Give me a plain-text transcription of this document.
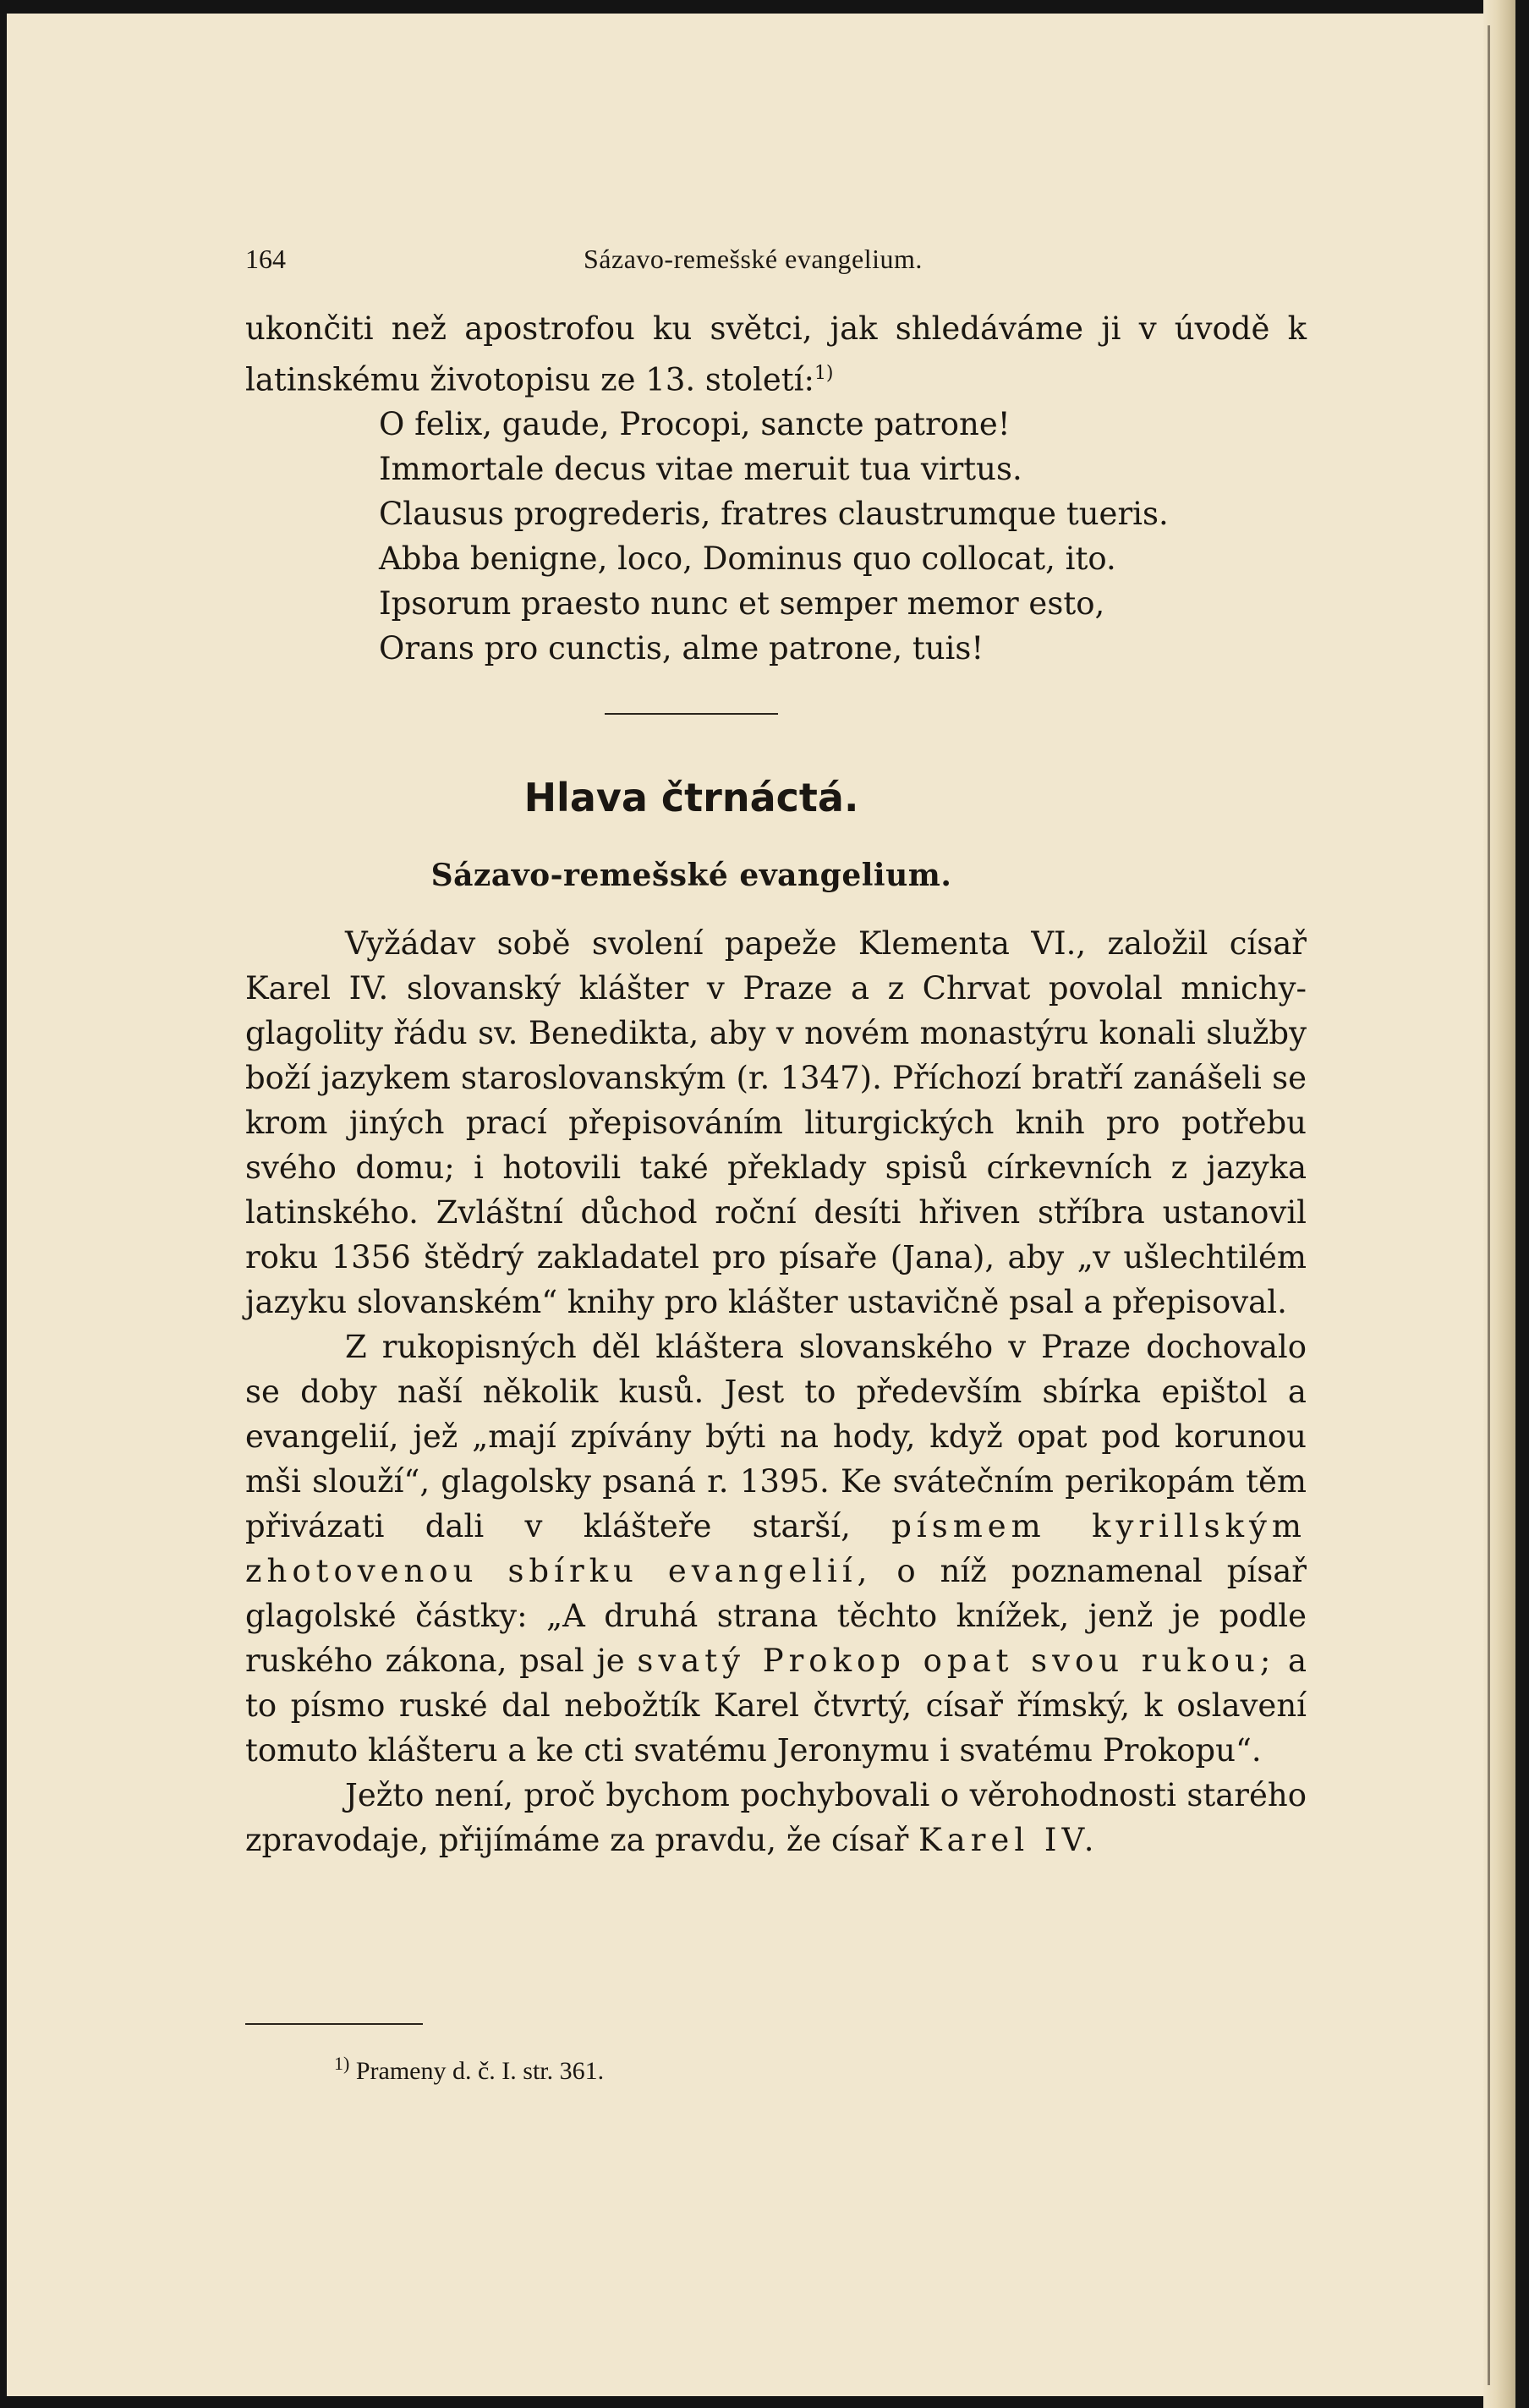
164	Sázavo-remešské evangelium.

ukončiti než apostrofou ku světci, jak shledáváme ji v úvodě k latinskému životopisu ze 13. století:$^{1)}$

O felix, gaude, Procopi, sancte patrone!
Immortale decus vitae meruit tua virtus.
Clausus progrederis, fratres claustrumque tueris.
Abba benigne, loco, Dominus quo collocat, ito.
Ipsorum praesto nunc et semper memor esto,
Orans pro cunctis, alme patrone, tuis!
Hlava čtrnáctá.
Sázavo-remešské evangelium.

Vyžádav sobě svolení papeže Klementa VI., založil císař Karel IV. slovanský klášter v Praze a z Chrvat povolal mnichy-glagolity řádu sv. Benedikta, aby v novém monastýru konali služby boží jazykem staroslovanským (r. 1347). Příchozí bratří zanášeli se krom jiných prací přepisováním liturgických knih pro potřebu svého domu; i hotovili také překlady spisů církevních z jazyka latinského. Zvláštní důchod roční desíti hřiven stříbra ustanovil roku 1356 štědrý zakladatel pro písaře (Jana), aby „v ušlechtilém jazyku slovanském“ knihy pro klášter ustavičně psal a přepisoval.

Z rukopisných děl kláštera slovanského v Praze dochovalo se doby naší několik kusů. Jest to především sbírka epištol a evangelií, jež „mají zpívány býti na hody, když opat pod korunou mši slouží“, glagolsky psaná r. 1395. Ke svátečním perikopám těm přivázati dali v klášteře starší, písmem kyrillským zhotovenou sbírku evangelií, o níž poznamenal písař glagolské částky: „A druhá strana těchto knížek, jenž je podle ruského zákona, psal je svatý Prokop opat svou rukou; a to písmo ruské dal nebožtík Karel čtvrtý, císař římský, k oslavení tomuto klášteru a ke cti svatému Jeronymu i svatému Prokopu“.

Ježto není, proč bychom pochybovali o věrohodnosti starého zpravodaje, přijímáme za pravdu, že císař Karel IV.

$^{1)}$ Prameny d. č. I. str. 361.
